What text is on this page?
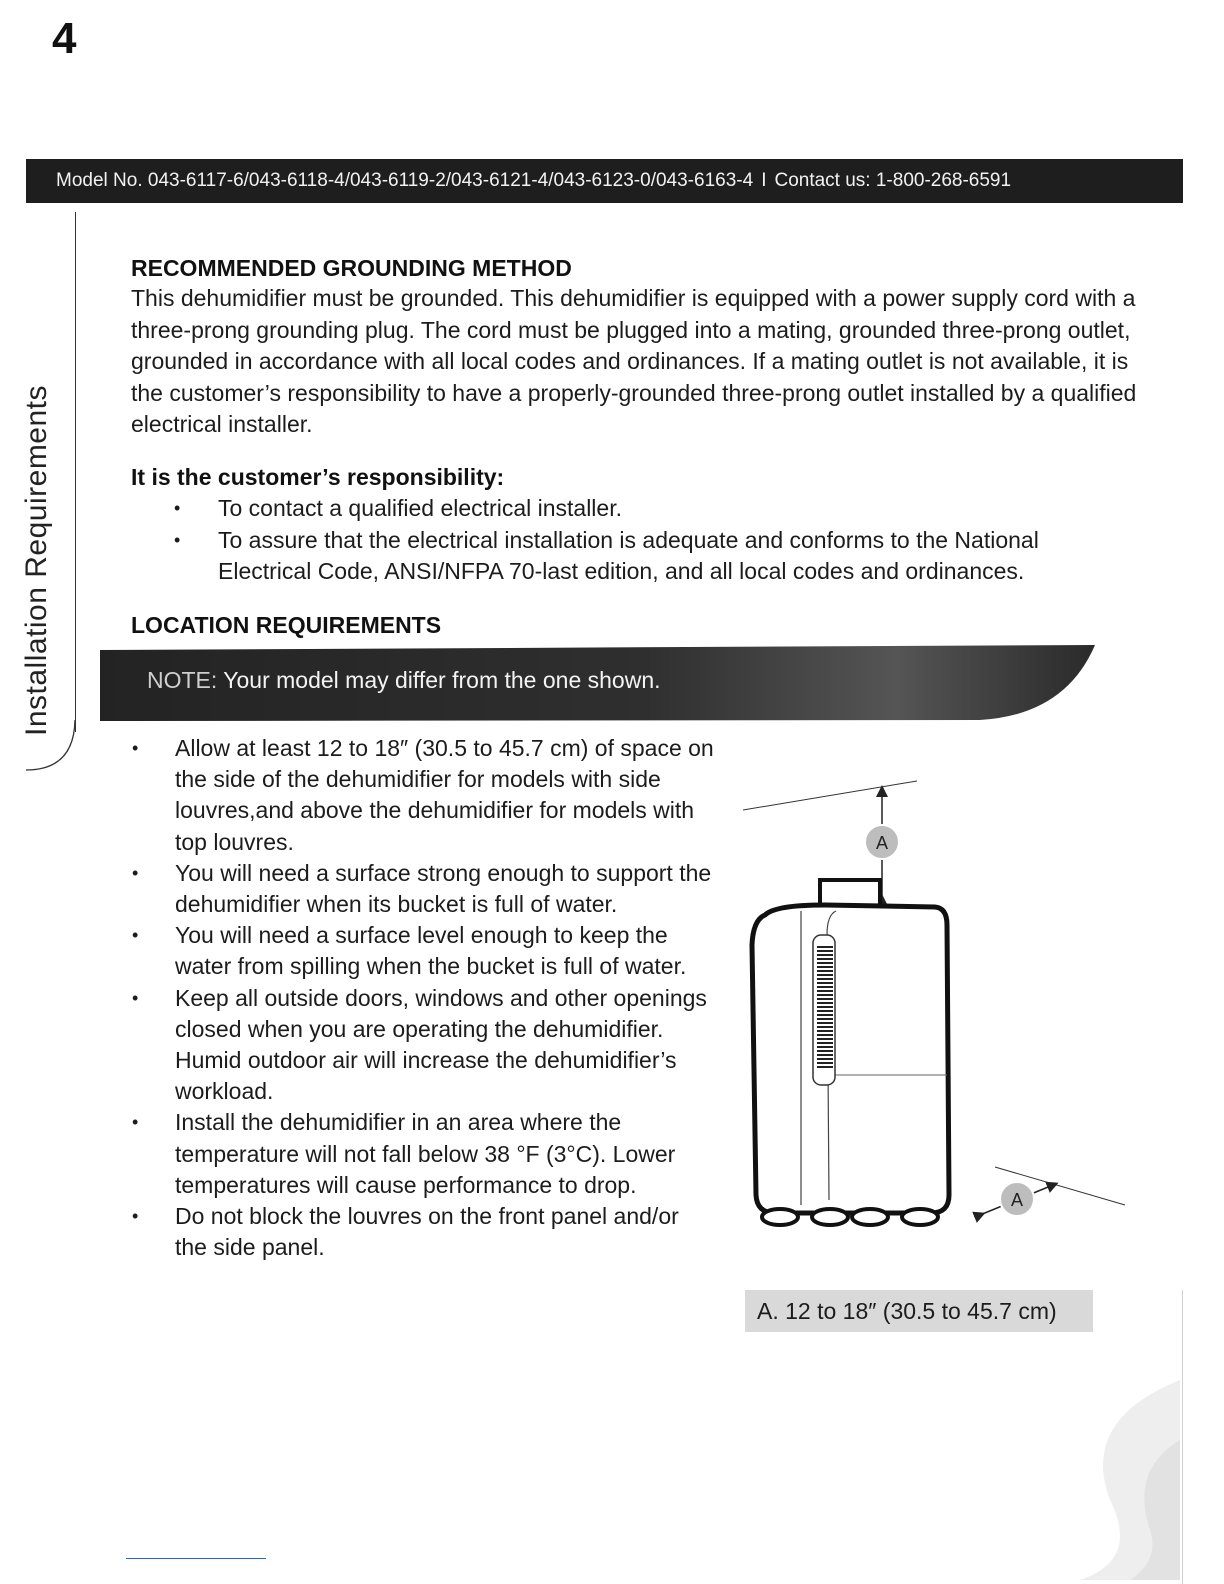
4
Model No. 043-6117-6/043-6118-4/043-6119-2/043-6121-4/043-6123-0/043-6163-4 I Contact us: 1-800-268-6591
Installation Requirements
RECOMMENDED GROUNDING METHOD
This dehumidifier must be grounded. This dehumidifier is equipped with a power supply cord with a three-prong grounding plug. The cord must be plugged into a mating, grounded three-prong outlet, grounded in accordance with all local codes and ordinances. If a mating outlet is not available, it is the customer’s responsibility to have a properly-grounded three-prong outlet installed by a qualified electrical installer.
It is the customer’s responsibility:
• To contact a qualified electrical installer.
• To assure that the electrical installation is adequate and conforms to the National Electrical Code, ANSI/NFPA 70-last edition, and all local codes and ordinances.
LOCATION REQUIREMENTS
NOTE: Your model may differ from the one shown.
• Allow at least 12 to 18″ (30.5 to 45.7 cm) of space on the side of the dehumidifier for models with side louvres,and above the dehumidifier for models with top louvres.
• You will need a surface strong enough to support the dehumidifier when its bucket is full of water.
• You will need a surface level enough to keep the water from spilling when the bucket is full of water.
• Keep all outside doors, windows and other openings closed when you are operating the dehumidifier. Humid outdoor air will increase the dehumidifier’s workload.
• Install the dehumidifier in an area where the temperature will not fall below 38 °F (3°C). Lower temperatures will cause performance to drop.
• Do not block the louvres on the front panel and/or the side panel.
A
A
A. 12 to 18″ (30.5 to 45.7 cm)
